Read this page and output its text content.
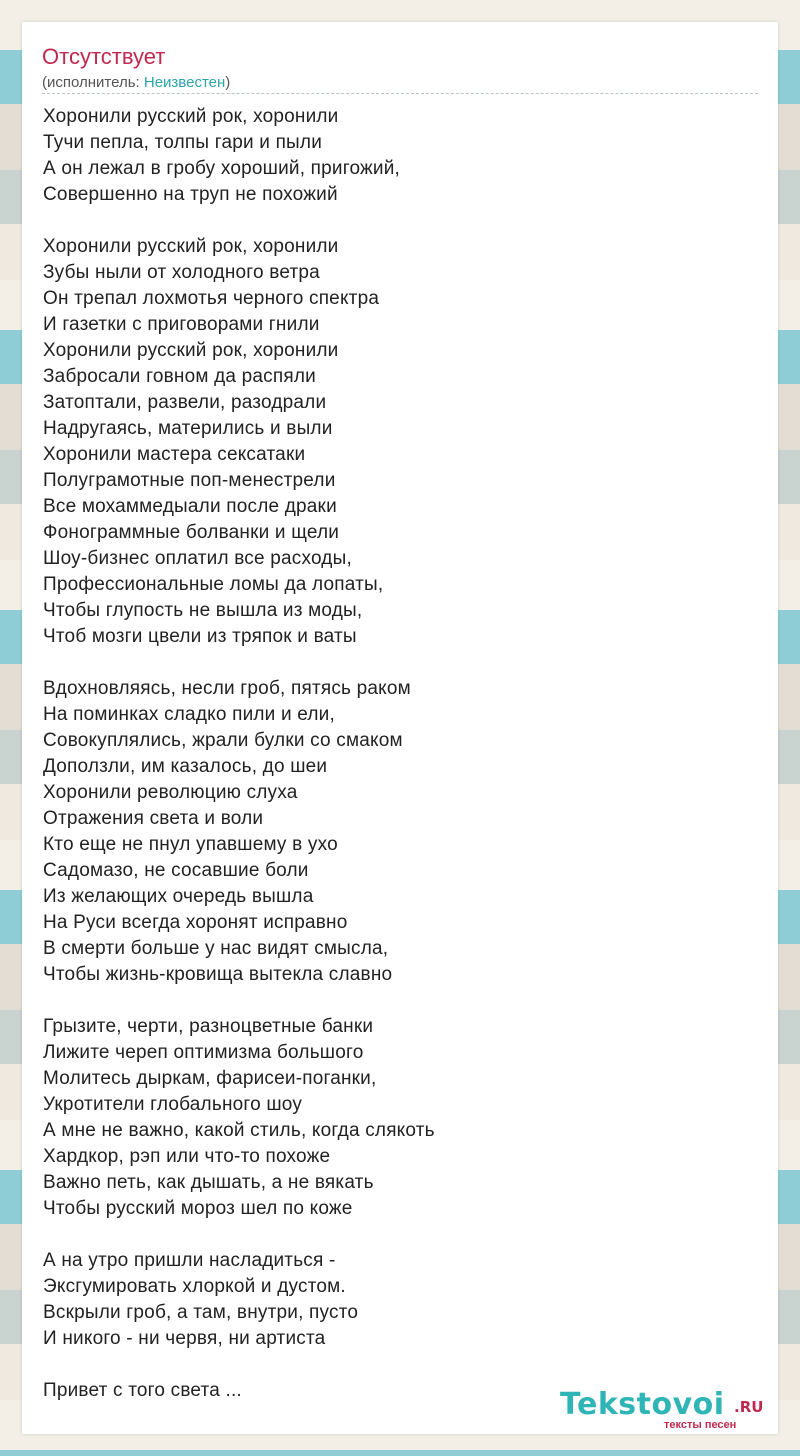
Отсутствует
(исполнитель: Неизвестен)
Хоронили русский рок, хоронили
Тучи пепла, толпы гари и пыли
А он лежал в гробу хороший, пригожий,
Совершенно на труп не похожий
Хоронили русский рок, хоронили
Зубы ныли от холодного ветра
Он трепал лохмотья черного спектра
И газетки с приговорами гнили
Хоронили русский рок, хоронили
Забросали говном да распяли
Затоптали, развели, разодрали
Надругаясь, матерились и выли
Хоронили мастера сексатаки
Полуграмотные поп-менестрели
Все мохаммедыали после драки
Фонограммные болванки и щели
Шоу-бизнес оплатил все расходы,
Профессиональные ломы да лопаты,
Чтобы глупость не вышла из моды,
Чтоб мозги цвели из тряпок и ваты
Вдохновляясь, несли гроб, пятясь раком
На поминках сладко пили и ели,
Совокуплялись, жрали булки со смаком
Доползли, им казалось, до шеи
Хоронили революцию слуха
Отражения света и воли
Кто еще не пнул упавшему в ухо
Садомазо, не сосавшие боли
Из желающих очередь вышла
На Руси всегда хоронят исправно
В смерти больше у нас видят смысла,
Чтобы жизнь-кровища вытекла славно
Грызите, черти, разноцветные банки
Лижите череп оптимизма большого
Молитесь дыркам, фарисеи-поганки,
Укротители глобального шоу
А мне не важно, какой стиль, когда слякоть
Хардкор, рэп или что-то похоже
Важно петь, как дышать, а не вякать
Чтобы русский мороз шел по коже
А на утро пришли насладиться -
Эксгумировать хлоркой и дустом.
Вскрыли гроб, а там, внутри, пусто
И никого - ни червя, ни артиста
Привет с того света ...	Tekstovoi .RU
тексты песен
